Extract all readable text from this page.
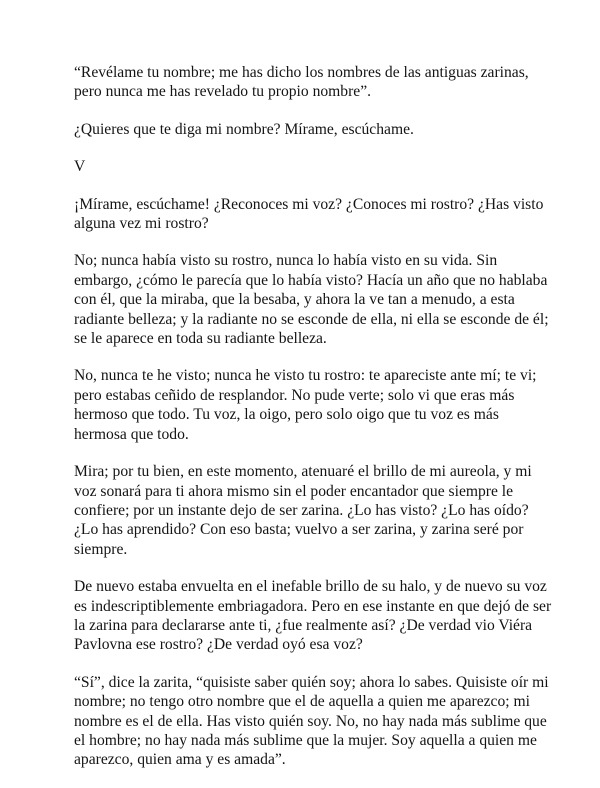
“Revélame tu nombre; me has dicho los nombres de las antiguas zarinas, pero nunca me has revelado tu propio nombre”.

¿Quieres que te diga mi nombre? Mírame, escúchame.

V

¡Mírame, escúchame! ¿Reconoces mi voz? ¿Conoces mi rostro? ¿Has visto alguna vez mi rostro?

No; nunca había visto su rostro, nunca lo había visto en su vida. Sin embargo, ¿cómo le parecía que lo había visto? Hacía un año que no hablaba con él, que la miraba, que la besaba, y ahora la ve tan a menudo, a esta radiante belleza; y la radiante no se esconde de ella, ni ella se esconde de él; se le aparece en toda su radiante belleza.

No, nunca te he visto; nunca he visto tu rostro: te apareciste ante mí; te vi; pero estabas ceñido de resplandor. No pude verte; solo vi que eras más hermoso que todo. Tu voz, la oigo, pero solo oigo que tu voz es más hermosa que todo.

Mira; por tu bien, en este momento, atenuaré el brillo de mi aureola, y mi voz sonará para ti ahora mismo sin el poder encantador que siempre le confiere; por un instante dejo de ser zarina. ¿Lo has visto? ¿Lo has oído? ¿Lo has aprendido? Con eso basta; vuelvo a ser zarina, y zarina seré por siempre.

De nuevo estaba envuelta en el inefable brillo de su halo, y de nuevo su voz es indescriptiblemente embriagadora. Pero en ese instante en que dejó de ser la zarina para declararse ante ti, ¿fue realmente así? ¿De verdad vio Viéra Pavlovna ese rostro? ¿De verdad oyó esa voz?

“Sí”, dice la zarita, “quisiste saber quién soy; ahora lo sabes. Quisiste oír mi nombre; no tengo otro nombre que el de aquella a quien me aparezco; mi nombre es el de ella. Has visto quién soy. No, no hay nada más sublime que el hombre; no hay nada más sublime que la mujer. Soy aquella a quien me aparezco, quien ama y es amada”.
